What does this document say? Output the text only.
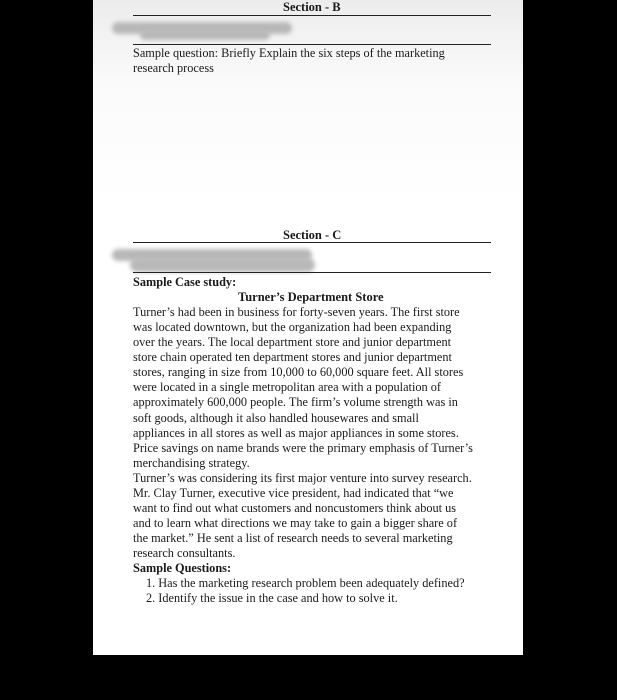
Section - B
Sample question: Briefly Explain the six steps of the marketing
research process
Section - C
Sample Case study:
Turner’s Department Store
Turner’s had been in business for forty-seven years. The first store
was located downtown, but the organization had been expanding
over the years. The local department store and junior department
store chain operated ten department stores and junior department
stores, ranging in size from 10,000 to 60,000 square feet. All stores
were located in a single metropolitan area with a population of
approximately 600,000 people. The firm’s volume strength was in
soft goods, although it also handled housewares and small
appliances in all stores as well as major appliances in some stores.
Price savings on name brands were the primary emphasis of Turner’s
merchandising strategy.
Turner’s was considering its first major venture into survey research.
Mr. Clay Turner, executive vice president, had indicated that “we
want to find out what customers and noncustomers think about us
and to learn what directions we may take to gain a bigger share of
the market.” He sent a list of research needs to several marketing
research consultants.
Sample Questions:
1. Has the marketing research problem been adequately defined?
2. Identify the issue in the case and how to solve it.
